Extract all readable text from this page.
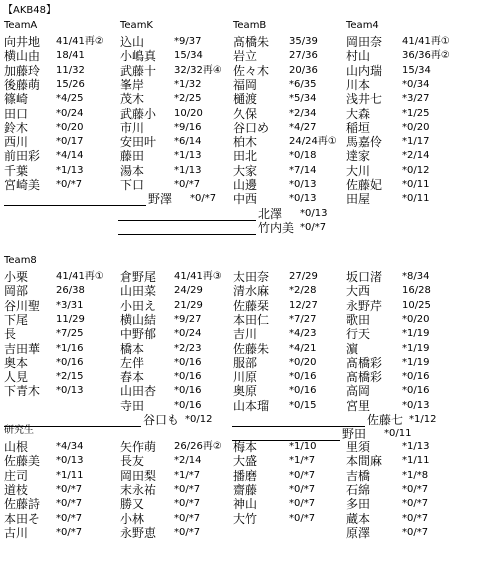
【AKB48】
TeamA
向井地 41/41再②
横山由 18/41
加藤玲 11/32
後藤萌 15/26
篠崎	*4/25
田口	*0/24
鈴木	*0/20
西川	*0/17
前田彩 *4/14
千葉	*1/13
宮崎美 *0/*7
TeamK
込山	*9/37
小嶋真 15/34
武藤十 32/32再④
峯岸	*1/32
茂木	*2/25
武藤小 10/20
市川	*9/16
安田叶 *6/14
藤田	*1/13
湯本	*1/13
下口	*0/*7
野澤 *0/*7
TeamB
髙橋朱 35/39
岩立	27/36
佐々木 20/36
福岡	*6/35
樋渡	*5/34
久保	*2/34
谷口め *4/27
柏木	24/24再①
田北	*0/18
大家	*7/14
山邊	*0/13
中西	*0/13
北澤 *0/13
竹内美 *0/*7
Team4
岡田奈 41/41再①
村山	36/36再②
山内瑞 15/34
川本	*0/34
浅井七 *3/27
大森	*1/25
稲垣	*0/20
馬嘉伶 *1/17
達家	*2/14
大川	*0/12
佐藤妃 *0/11
田屋	*0/11
Team8
小栗	41/41再①
岡部	26/38
谷川聖 *3/31
下尾	11/29
長	*7/25
吉田華 *1/16
奥本	*0/16
人見	*2/15
下青木 *0/13
倉野尾 41/41再③
山田菜 24/29
小田え 21/29
横山結 *9/27
中野郁 *0/24
橋本	*2/23
左伴	*0/16
舂本	*0/16
山田杏 *0/16
寺田	*0/16
谷口も *0/12
太田奈 27/29
清水麻 *2/28
佐藤栞 12/27
本田仁 *7/27
吉川	*4/23
佐藤朱 *4/21
服部	*0/20
川原	*0/16
奥原	*0/16
山本瑠 *0/15
坂口渚 *8/34
大西	16/28
永野芹 10/25
歌田	*0/20
行天	*1/19
濵	*1/19
髙橋彩 *1/19
髙橋彩 *0/16
高岡	*0/16
宮里	*0/13
佐藤七 *1/12
野田 *0/11
研究生
山根	*4/34
佐藤美 *0/13
庄司	*1/11
道枝	*0/*7
佐藤詩 *0/*7
本田そ *0/*7
古川	*0/*7
矢作萌 26/26再②
長友	*2/14
岡田梨 *1/*7
末永祐 *0/*7
勝又	*0/*7
小林	*0/*7
永野恵 *0/*7
梅本	*1/10
大盛	*1/*7
播磨	*0/*7
齋藤	*0/*7
神山	*0/*7
大竹	*0/*7
里須	*1/13
本間麻 *1/11
吉橋	*1/*8
石綿	*0/*7
多田	*0/*7
蔵本	*0/*7
原澤	*0/*7
